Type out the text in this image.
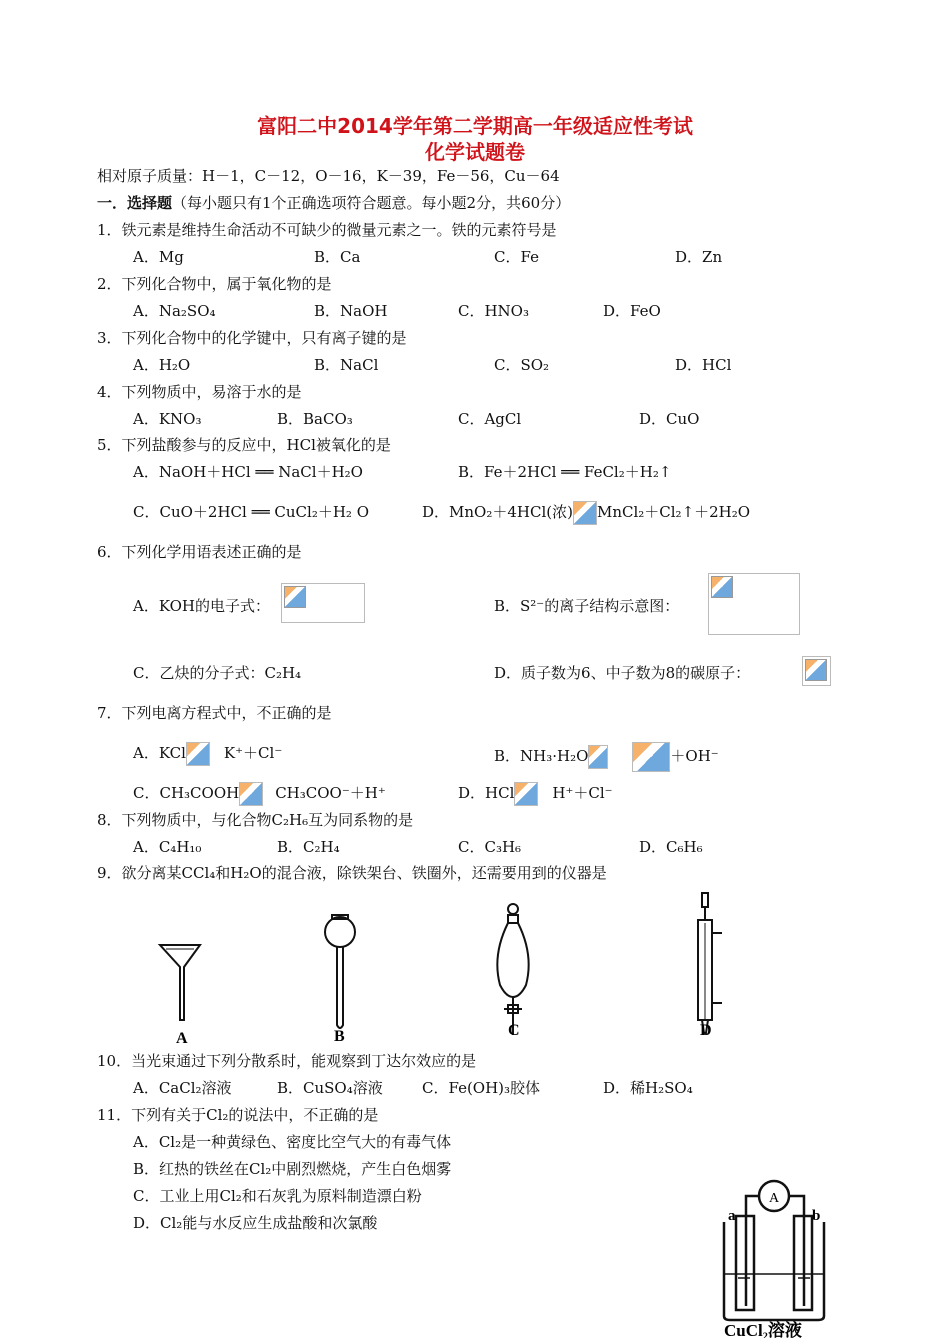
富阳二中2014学年第二学期高一年级适应性考试
化学试题卷
相对原子质量：H－1，C－12，O－16，K－39，Fe－56，Cu－64
一．选择题（每小题只有1个正确选项符合题意。每小题2分，共60分）
1．铁元素是维持生命活动不可缺少的微量元素之一。铁的元素符号是
A．Mg	B．Ca	C．Fe	D．Zn
2．下列化合物中，属于氧化物的是
A．Na₂SO₄	B．NaOH	C．HNO₃	D．FeO
3．下列化合物中的化学键中，只有离子键的是
A．H₂O	B．NaCl	C．SO₂	D．HCl
4．下列物质中，易溶于水的是
A．KNO₃	B．BaCO₃	C．AgCl	D．CuO
5．下列盐酸参与的反应中，HCl被氧化的是
A．NaOH＋HCl ══ NaCl＋H₂O	B．Fe＋2HCl ══ FeCl₂＋H₂↑
C．CuO＋2HCl ══ CuCl₂＋H₂ O	D．MnO₂＋4HCl(浓) MnCl₂＋Cl₂↑＋2H₂O
6．下列化学用语表述正确的是
A．KOH的电子式：	B．S²⁻的离子结构示意图：
C．乙炔的分子式：C₂H₄	D．质子数为6、中子数为8的碳原子：
7．下列电离方程式中，不正确的是
A．KCl	K⁺＋Cl⁻	B．NH₃·H₂O	＋OH⁻
C．CH₃COOH CH₃COO⁻＋H⁺	D．HCl	H⁺＋Cl⁻
8．下列物质中，与化合物C₂H₆互为同系物的是
A．C₄H₁₀	B．C₂H₄	C．C₃H₆	D．C₆H₆
9．欲分离某CCl₄和H₂O的混合液，除铁架台、铁圈外，还需要用到的仪器是
A	B	C	D
10．当光束通过下列分散系时，能观察到丁达尔效应的是
A．CaCl₂溶液	B．CuSO₄溶液	C．Fe(OH)₃胶体	D．稀H₂SO₄
11．下列有关于Cl₂的说法中，不正确的是
A．Cl₂是一种黄绿色、密度比空气大的有毒气体
B．红热的铁丝在Cl₂中剧烈燃烧，产生白色烟雾
C．工业上用Cl₂和石灰乳为原料制造漂白粉
D．Cl₂能与水反应生成盐酸和次氯酸
A
a	b
CuCl₂溶液
